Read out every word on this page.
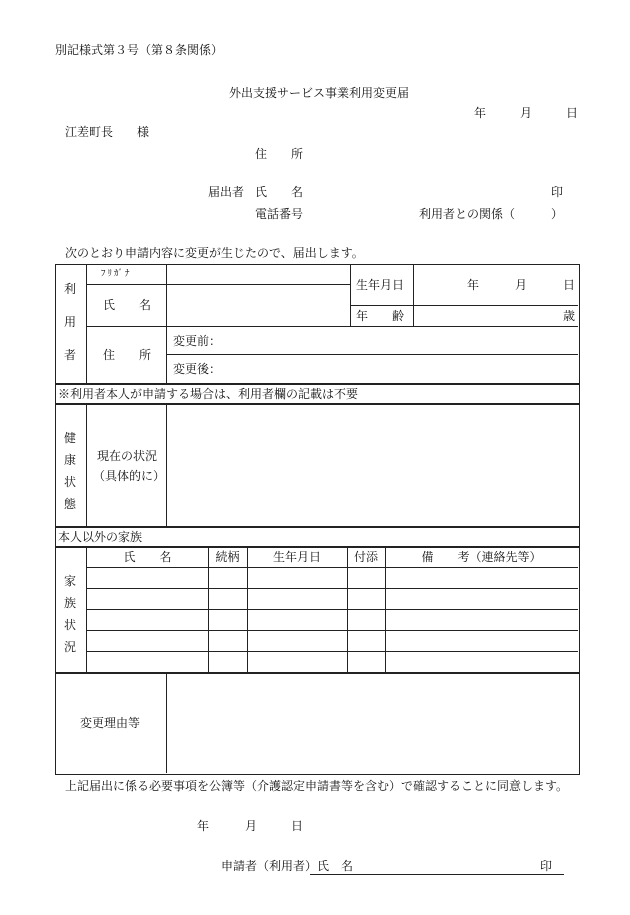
別記様式第３号（第８条関係）
外出支援サービス事業利用変更届
年	月	日
江差町長 様
住　　所
届出者 氏　　名	印
電話番号	利用者との関係（　　　）
次のとおり申請内容に変更が生じたので、届出します。
利
用
者
ﾌﾘｶﾞﾅ
氏　　名
生年月日	年	月	日
年　　齢	歳
住　　所
変更前：
変更後：
※利用者本人が申請する場合は、利用者欄の記載は不要
健
康
状
態
現在の状況
（具体的に）
本人以外の家族
家
族
状
況
氏　　名	続柄	生年月日	付添	備　　考（連絡先等）
変更理由等
上記届出に係る必要事項を公簿等（介護認定申請書等を含む）で確認することに同意します。
年	月	日
申請者（利用者）氏　名	印
